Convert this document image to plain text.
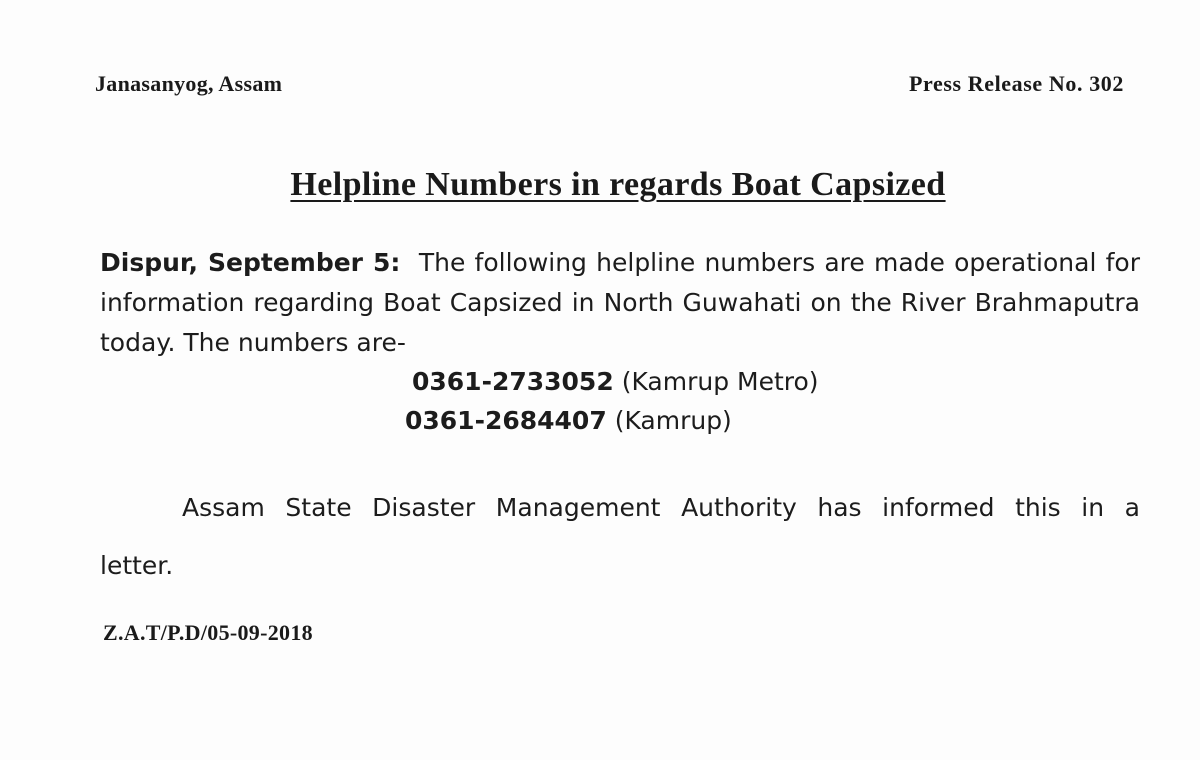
Janasanyog, Assam	Press Release No. 302
Helpline Numbers in regards Boat Capsized
Dispur, September 5: The following helpline numbers are made operational for information regarding Boat Capsized in North Guwahati on the River Brahmaputra today. The numbers are-
0361-2733052 (Kamrup Metro)
0361-2684407 (Kamrup)
Assam State Disaster Management Authority has informed this in a letter.
Z.A.T/P.D/05-09-2018
